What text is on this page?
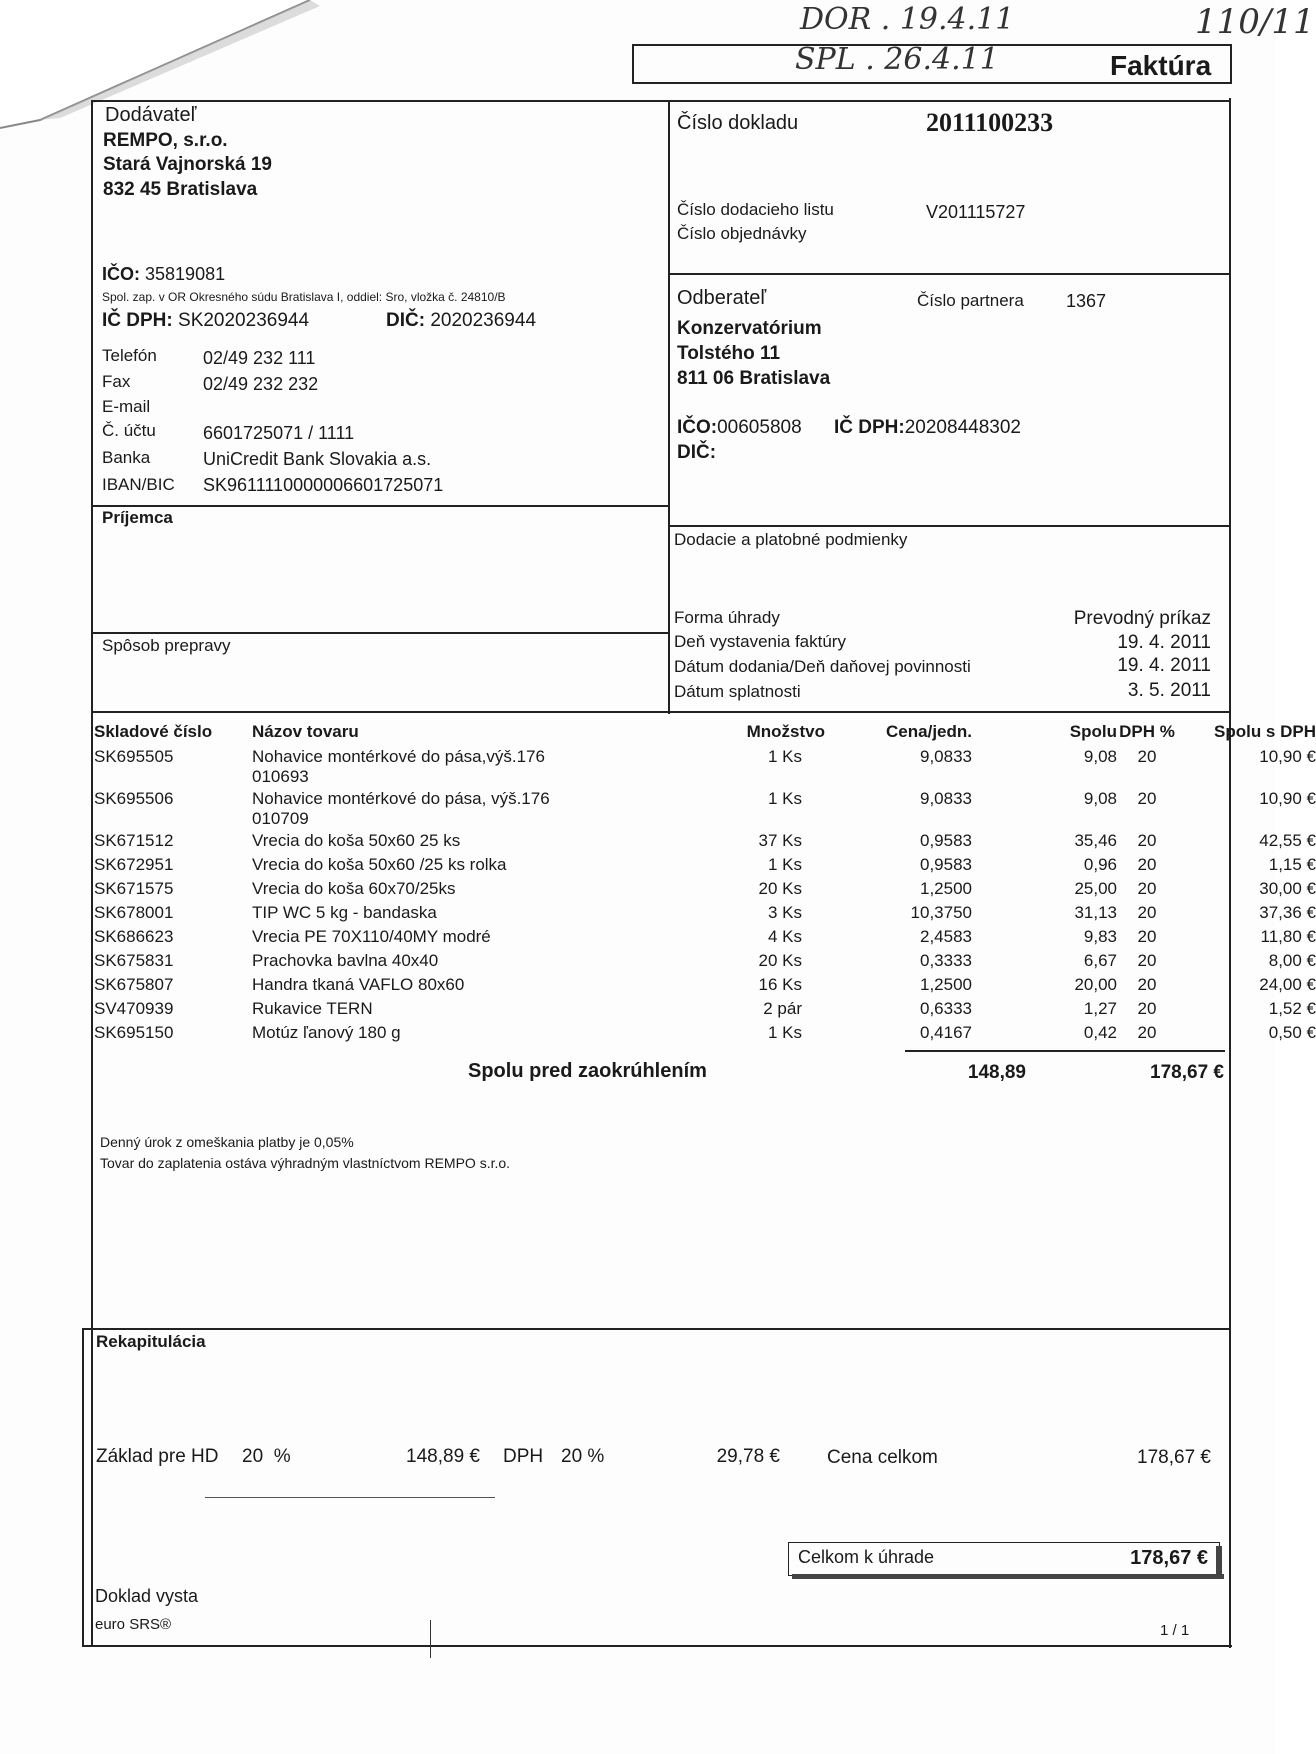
DOR . 19.4.11
SPL . 26.4.11
110/11
Faktúra
Dodávateľ
REMPO, s.r.o.
Stará Vajnorská 19
832 45 Bratislava
IČO: 35819081
Spol. zap. v OR Okresného súdu Bratislava I, oddiel: Sro, vložka č. 24810/B
IČ DPH: SK2020236944	DIČ: 2020236944
Telefón	02/49 232 111
Fax	02/49 232 232
E-mail
Č. účtu	6601725071 / 1111
Banka	UniCredit Bank Slovakia a.s.
IBAN/BIC SK9611110000006601725071
Číslo dokladu	2011100233
Číslo dodacieho listu	V201115727
Číslo objednávky
Odberateľ	Číslo partnera 1367
Konzervatórium
Tolstého 11
811 06 Bratislava
IČO:00605808 IČ DPH:20208448302
DIČ:
Príjemca
Spôsob prepravy
Dodacie a platobné podmienky
Forma úhrady	Prevodný príkaz
Deň vystavenia faktúry	19. 4. 2011
Dátum dodania/Deň daňovej povinnosti	19. 4. 2011
Dátum splatnosti	3. 5. 2011
Skladové číslo Názov tovaru	Množstvo	Cena/jedn.	Spolu DPH %	Spolu s DPH
SK695505	Nohavice montérkové do pása,výš.176	1 Ks	9,0833	9,08	20	10,90 €
010693
SK695506	Nohavice montérkové do pása, výš.176	1 Ks	9,0833	9,08	20	10,90 €
010709
SK671512	Vrecia do koša 50x60 25 ks	37 Ks	0,9583	35,46	20	42,55 €
SK672951	Vrecia do koša 50x60 /25 ks rolka	1 Ks	0,9583	0,96	20	1,15 €
SK671575	Vrecia do koša 60x70/25ks	20 Ks	1,2500	25,00	20	30,00 €
SK678001	TIP WC 5 kg - bandaska	3 Ks	10,3750	31,13	20	37,36 €
SK686623	Vrecia PE 70X110/40MY modré	4 Ks	2,4583	9,83	20	11,80 €
SK675831	Prachovka bavlna 40x40	20 Ks	0,3333	6,67	20	8,00 €
SK675807	Handra tkaná VAFLO 80x60	16 Ks	1,2500	20,00	20	24,00 €
SV470939	Rukavice TERN	2 pár	0,6333	1,27	20	1,52 €
SK695150	Motúz ľanový 180 g	1 Ks	0,4167	0,42	20	0,50 €
Spolu pred zaokrúhlením	148,89	178,67 €
Denný úrok z omeškania platby je 0,05%
Tovar do zaplatenia ostáva výhradným vlastníctvom REMPO s.r.o.
Rekapitulácia
Základ pre HD 20  %	148,89 € DPH 20 %	29,78 € Cena celkom	178,67 €
Celkom k úhrade	178,67 €
Doklad vysta
euro SRS®	1 / 1
